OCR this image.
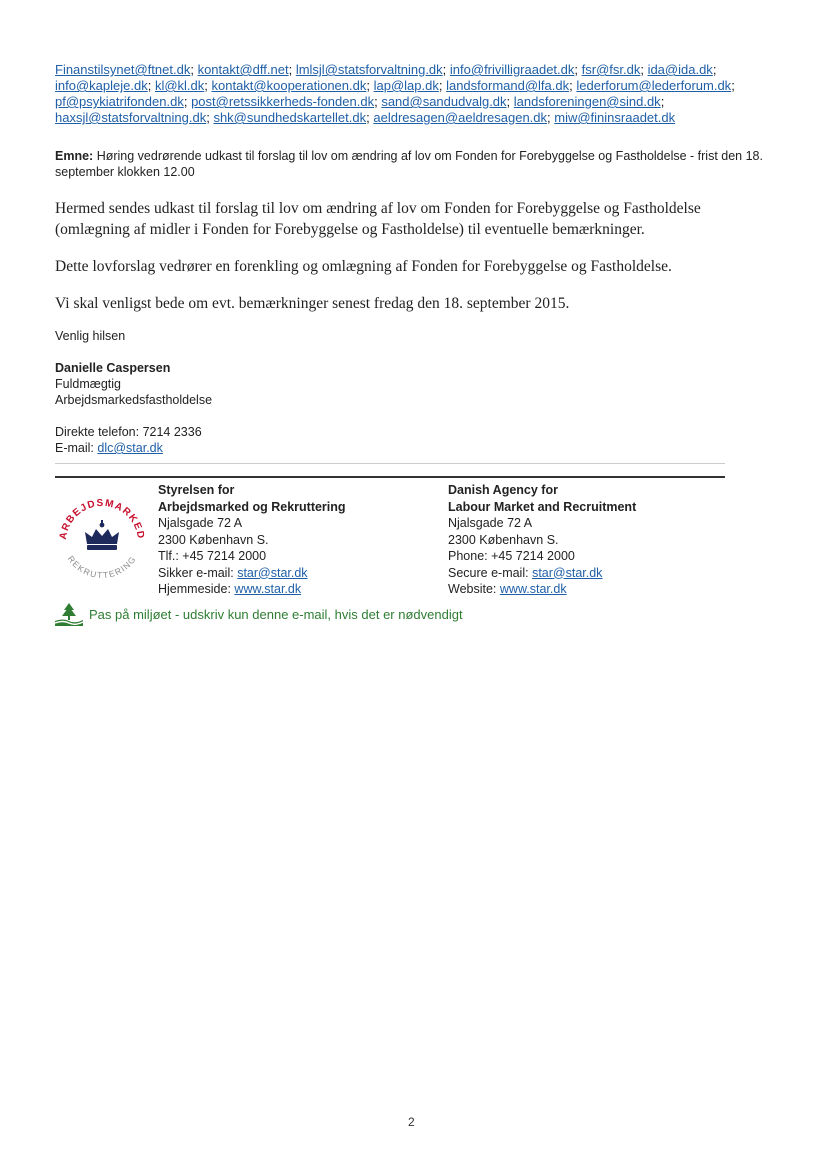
Finanstilsynet@ftnet.dk; kontakt@dff.net; lmlsjl@statsforvaltning.dk; info@frivilligraadet.dk; fsr@fsr.dk; ida@ida.dk; info@kapleje.dk; kl@kl.dk; kontakt@kooperationen.dk; lap@lap.dk; landsformand@lfa.dk; lederforum@lederforum.dk; pf@psykiatrifonden.dk; post@retssikkerheds-fonden.dk; sand@sandudvalg.dk; landsforeningen@sind.dk; haxsjl@statsforvaltning.dk; shk@sundhedskartellet.dk; aeldresagen@aeldresagen.dk; miw@fininsraadet.dk
Emne: Høring vedrørende udkast til forslag til lov om ændring af lov om Fonden for Forebyggelse og Fastholdelse - frist den 18. september klokken 12.00
Hermed sendes udkast til forslag til lov om ændring af lov om Fonden for Forebyggelse og Fastholdelse (omlægning af midler i Fonden for Forebyggelse og Fastholdelse) til eventuelle bemærkninger.
Dette lovforslag vedrører en forenkling og omlægning af Fonden for Forebyggelse og Fastholdelse.
Vi skal venligst bede om evt. bemærkninger senest fredag den 18. september 2015.
Venlig hilsen
Danielle Caspersen
Fuldmægtig
Arbejdsmarkedsfastholdelse
Direkte telefon: 7214 2336
E-mail: dlc@star.dk
ARBEJDSMARKED
REKRUTTERING
Styrelsen for
Arbejdsmarked og Rekruttering
Njalsgade 72 A
2300 København S.
Tlf.: +45 7214 2000
Sikker e-mail: star@star.dk
Hjemmeside: www.star.dk
Danish Agency for
Labour Market and Recruitment
Njalsgade 72 A
2300 København S.
Phone: +45 7214 2000
Secure e-mail: star@star.dk
Website: www.star.dk
Pas på miljøet - udskriv kun denne e-mail, hvis det er nødvendigt
2
